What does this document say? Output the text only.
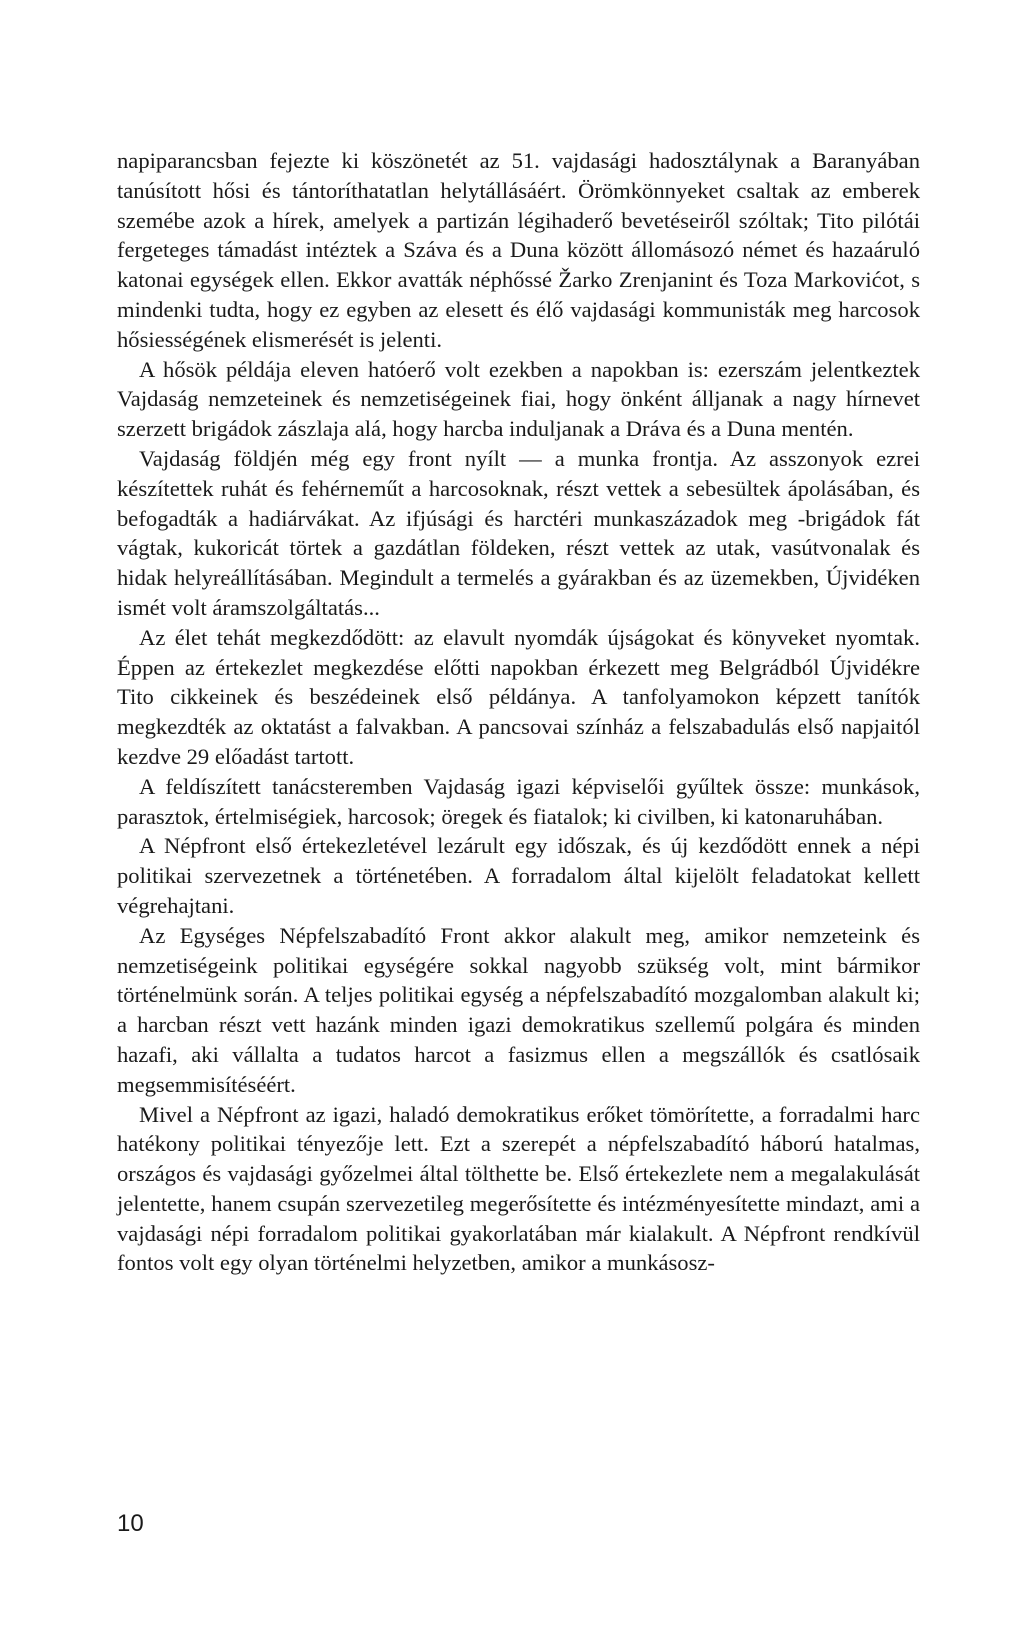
napiparancsban fejezte ki köszönetét az 51. vajdasági hadosztálynak a Baranyában tanúsított hősi és tántoríthatatlan helytállásáért. Örömkönnyeket csaltak az emberek szemébe azok a hírek, amelyek a partizán légihaderő bevetéseiről szóltak; Tito pilótái fergeteges támadást intéztek a Száva és a Duna között állomásozó német és hazaáruló katonai egységek ellen. Ekkor avatták néphőssé Žarko Zrenjanint és Toza Markovićot, s mindenki tudta, hogy ez egyben az elesett és élő vajdasági kommunisták meg harcosok hősiességének elismerését is jelenti.

A hősök példája eleven hatóerő volt ezekben a napokban is: ezerszám jelentkeztek Vajdaság nemzeteinek és nemzetiségeinek fiai, hogy önként álljanak a nagy hírnevet szerzett brigádok zászlaja alá, hogy harcba induljanak a Dráva és a Duna mentén.

Vajdaság földjén még egy front nyílt — a munka frontja. Az asszonyok ezrei készítettek ruhát és fehérneműt a harcosoknak, részt vettek a sebesültek ápolásában, és befogadták a hadiárvákat. Az ifjúsági és harctéri munkaszázadok meg -brigádok fát vágtak, kukoricát törtek a gazdátlan földeken, részt vettek az utak, vasútvonalak és hidak helyreállításában. Megindult a termelés a gyárakban és az üzemekben, Újvidéken ismét volt áramszolgáltatás...

Az élet tehát megkezdődött: az elavult nyomdák újságokat és könyveket nyomtak. Éppen az értekezlet megkezdése előtti napokban érkezett meg Belgrádból Újvidékre Tito cikkeinek és beszédeinek első példánya. A tanfolyamokon képzett tanítók megkezdték az oktatást a falvakban. A pancsovai színház a felszabadulás első napjaitól kezdve 29 előadást tartott.

A feldíszített tanácsteremben Vajdaság igazi képviselői gyűltek össze: munkások, parasztok, értelmiségiek, harcosok; öregek és fiatalok; ki civilben, ki katonaruhában.

A Népfront első értekezletével lezárult egy időszak, és új kezdődött ennek a népi politikai szervezetnek a történetében. A forradalom által kijelölt feladatokat kellett végrehajtani.

Az Egységes Népfelszabadító Front akkor alakult meg, amikor nemzeteink és nemzetiségeink politikai egységére sokkal nagyobb szükség volt, mint bármikor történelmünk során. A teljes politikai egység a népfelszabadító mozgalomban alakult ki; a harcban részt vett hazánk minden igazi demokratikus szellemű polgára és minden hazafi, aki vállalta a tudatos harcot a fasizmus ellen a megszállók és csatlósaik megsemmisítéséért.

Mivel a Népfront az igazi, haladó demokratikus erőket tömörítette, a forradalmi harc hatékony politikai tényezője lett. Ezt a szerepét a népfelszabadító háború hatalmas, országos és vajdasági győzelmei által tölthette be. Első értekezlete nem a megalakulását jelentette, hanem csupán szervezetileg megerősítette és intézményesítette mindazt, ami a vajdasági népi forradalom politikai gyakorlatában már kialakult. A Népfront rendkívül fontos volt egy olyan történelmi helyzetben, amikor a munkásosz-

10
